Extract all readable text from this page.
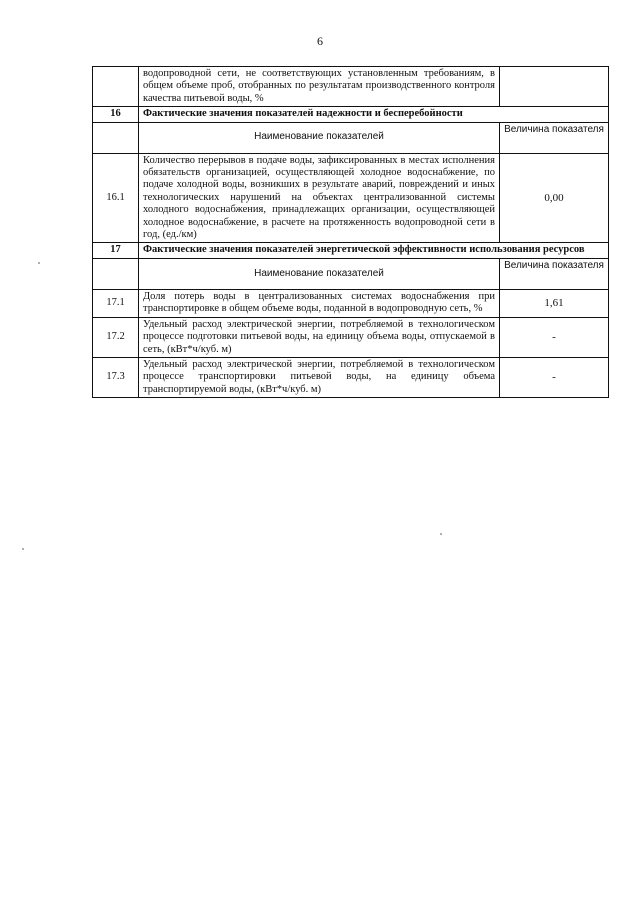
6
	водопроводной сети, не соответствующих установленным требованиям, в общем объеме проб, отобранных по результатам производственного контроля качества питьевой воды, %	
16	Фактические значения показателей надежности и бесперебойности	
	Наименование показателей	Величина показателя
16.1	Количество перерывов в подаче воды, зафиксированных в местах исполнения обязательств организацией, осуществляющей холодное водоснабжение, по подаче холодной воды, возникших в результате аварий, повреждений и иных технологических нарушений на объектах централизованной системы холодного водоснабжения, принадлежащих организации, осуществляющей холодное водоснабжение, в расчете на протяженность водопроводной сети в год, (ед./км)	0,00
17	Фактические значения показателей энергетической эффективности использования ресурсов	
	Наименование показателей	Величина показателя
17.1	Доля потерь воды в централизованных системах водоснабжения при транспортировке в общем объеме воды, поданной в водопроводную сеть, %	1,61
17.2	Удельный расход электрической энергии, потребляемой в технологическом процессе подготовки питьевой воды, на единицу объема воды, отпускаемой в сеть, (кВт*ч/куб. м)	-
17.3	Удельный расход электрической энергии, потребляемой в технологическом процессе транспортировки питьевой воды, на единицу объема транспортируемой воды, (кВт*ч/куб. м)	-
